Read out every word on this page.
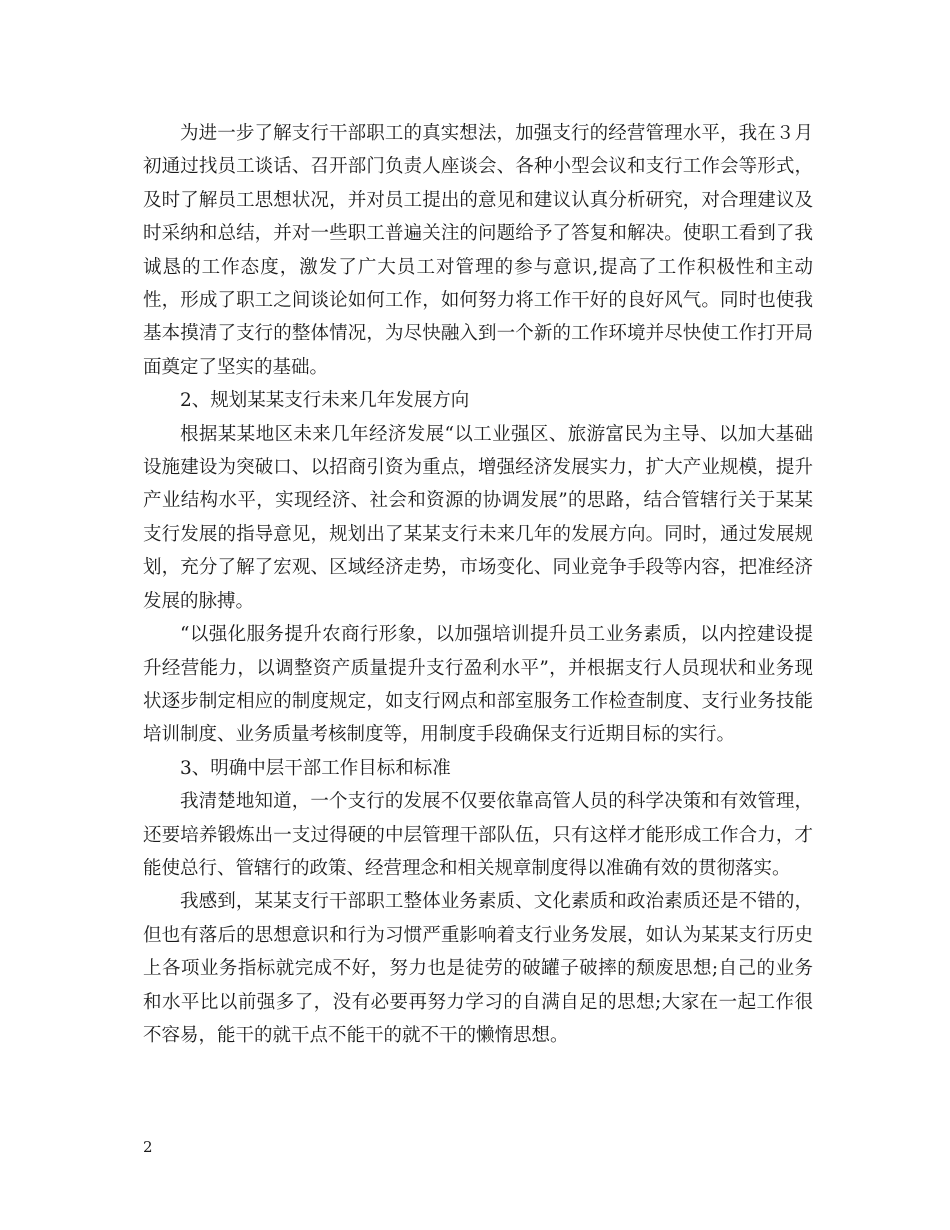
为进一步了解支行干部职工的真实想法，加强支行的经营管理水平，我在３月初通过找员工谈话、召开部门负责人座谈会、各种小型会议和支行工作会等形式，及时了解员工思想状况，并对员工提出的意见和建议认真分析研究，对合理建议及时采纳和总结，并对一些职工普遍关注的问题给予了答复和解决。使职工看到了我诚恳的工作态度，激发了广大员工对管理的参与意识,提高了工作积极性和主动性，形成了职工之间谈论如何工作，如何努力将工作干好的良好风气。同时也使我基本摸清了支行的整体情况，为尽快融入到一个新的工作环境并尽快使工作打开局面奠定了坚实的基础。

2、规划某某支行未来几年发展方向

根据某某地区未来几年经济发展“以工业强区、旅游富民为主导、以加大基础设施建设为突破口、以招商引资为重点，增强经济发展实力，扩大产业规模，提升产业结构水平，实现经济、社会和资源的协调发展”的思路，结合管辖行关于某某支行发展的指导意见，规划出了某某支行未来几年的发展方向。同时，通过发展规划，充分了解了宏观、区域经济走势，市场变化、同业竞争手段等内容，把准经济发展的脉搏。

“以强化服务提升农商行形象，以加强培训提升员工业务素质，以内控建设提升经营能力，以调整资产质量提升支行盈利水平”，并根据支行人员现状和业务现状逐步制定相应的制度规定，如支行网点和部室服务工作检查制度、支行业务技能培训制度、业务质量考核制度等，用制度手段确保支行近期目标的实行。

3、明确中层干部工作目标和标准

我清楚地知道，一个支行的发展不仅要依靠高管人员的科学决策和有效管理，还要培养锻炼出一支过得硬的中层管理干部队伍，只有这样才能形成工作合力，才能使总行、管辖行的政策、经营理念和相关规章制度得以准确有效的贯彻落实。

我感到，某某支行干部职工整体业务素质、文化素质和政治素质还是不错的，但也有落后的思想意识和行为习惯严重影响着支行业务发展，如认为某某支行历史上各项业务指标就完成不好，努力也是徒劳的破罐子破摔的颓废思想;自己的业务和水平比以前强多了，没有必要再努力学习的自满自足的思想;大家在一起工作很不容易，能干的就干点不能干的就不干的懒惰思想。

2
